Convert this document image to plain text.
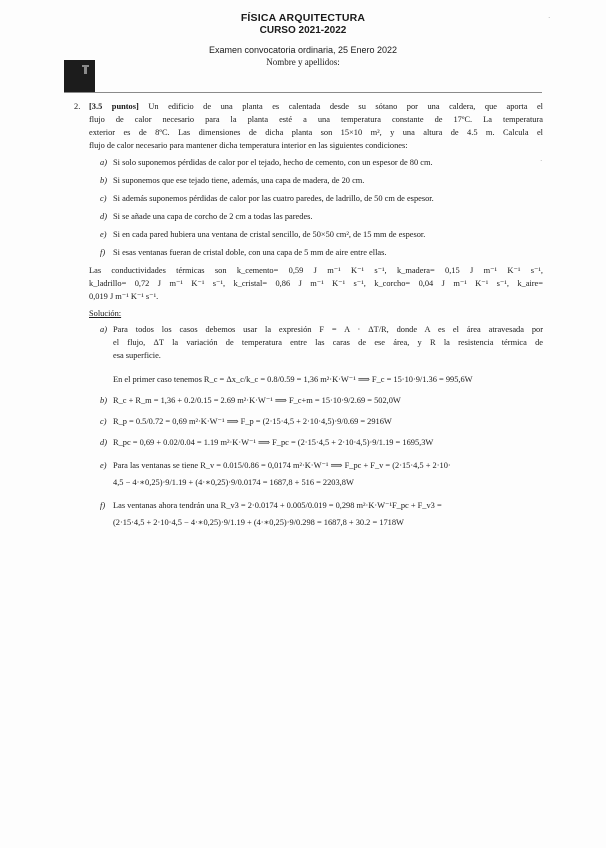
FÍSICA ARQUITECTURA
CURSO 2021-2022
Examen convocatoria ordinaria, 25 Enero 2022
Nombre y apellidos:
2. [3.5 puntos] Un edificio de una planta es calentada desde su sótano por una caldera, que aporta el
flujo de calor necesario para la planta esté a una temperatura constante de 17ºC. La temperatura
exterior es de 8ºC. Las dimensiones de dicha planta son 15×10 m², y una altura de 4.5 m. Calcula el
flujo de calor necesario para mantener dicha temperatura interior en las siguientes condiciones:
a) Si solo suponemos pérdidas de calor por el tejado, hecho de cemento, con un espesor de 80 cm.
b) Si suponemos que ese tejado tiene, además, una capa de madera, de 20 cm.
c) Si además suponemos pérdidas de calor por las cuatro paredes, de ladrillo, de 50 cm de espesor.
d) Si se añade una capa de corcho de 2 cm a todas las paredes.
e) Si en cada pared hubiera una ventana de cristal sencillo, de 50×50 cm², de 15 mm de espesor.
f) Si esas ventanas fueran de cristal doble, con una capa de 5 mm de aire entre ellas.
Las conductividades térmicas son k_cemento= 0,59 J m⁻¹ K⁻¹ s⁻¹, k_madera= 0,15 J m⁻¹ K⁻¹ s⁻¹,
k_ladrillo= 0,72 J m⁻¹ K⁻¹ s⁻¹, k_cristal= 0,86 J m⁻¹ K⁻¹ s⁻¹, k_corcho= 0,04 J m⁻¹ K⁻¹ s⁻¹, k_aire=
0,019 J m⁻¹ K⁻¹ s⁻¹.
Solución:
a) Para todos los casos debemos usar la expresión F = A · ΔT/R, donde A es el área atravesada por
el flujo, ΔT la variación de temperatura entre las caras de ese área, y R la resistencia térmica de
esa superficie.
En el primer caso tenemos R_c = Δx_c/k_c = 0.8/0.59 = 1,36 m²·K·W⁻¹ ⟹ F_c = 15·10·9/1.36 = 995,6W
b) R_c + R_m = 1,36 + 0.2/0.15 = 2.69 m²·K·W⁻¹ ⟹ F_c+m = 15·10·9/2.69 = 502,0W
c) R_p = 0.5/0.72 = 0,69 m²·K·W⁻¹ ⟹ F_p = (2·15·4,5 + 2·10·4,5)·9/0.69 = 2916W
d) R_pc = 0,69 + 0.02/0.04 = 1.19 m²·K·W⁻¹ ⟹ F_pc = (2·15·4,5 + 2·10·4,5)·9/1.19 = 1695,3W
e) Para las ventanas se tiene R_v = 0.015/0.86 = 0,0174 m²·K·W⁻¹ ⟹ F_pc + F_v = (2·15·4,5 + 2·10·
4,5 − 4·∗0,25)·9/1.19 + (4·∗0,25)·9/0.0174 = 1687,8 + 516 = 2203,8W
f) Las ventanas ahora tendrán una R_v3 = 2·0.0174 + 0.005/0.019 = 0,298 m²·K·W⁻¹F_pc + F_v3 =
(2·15·4,5 + 2·10·4,5 − 4·∗0,25)·9/1.19 + (4·∗0,25)·9/0.298 = 1687,8 + 30.2 = 1718W
·
·
